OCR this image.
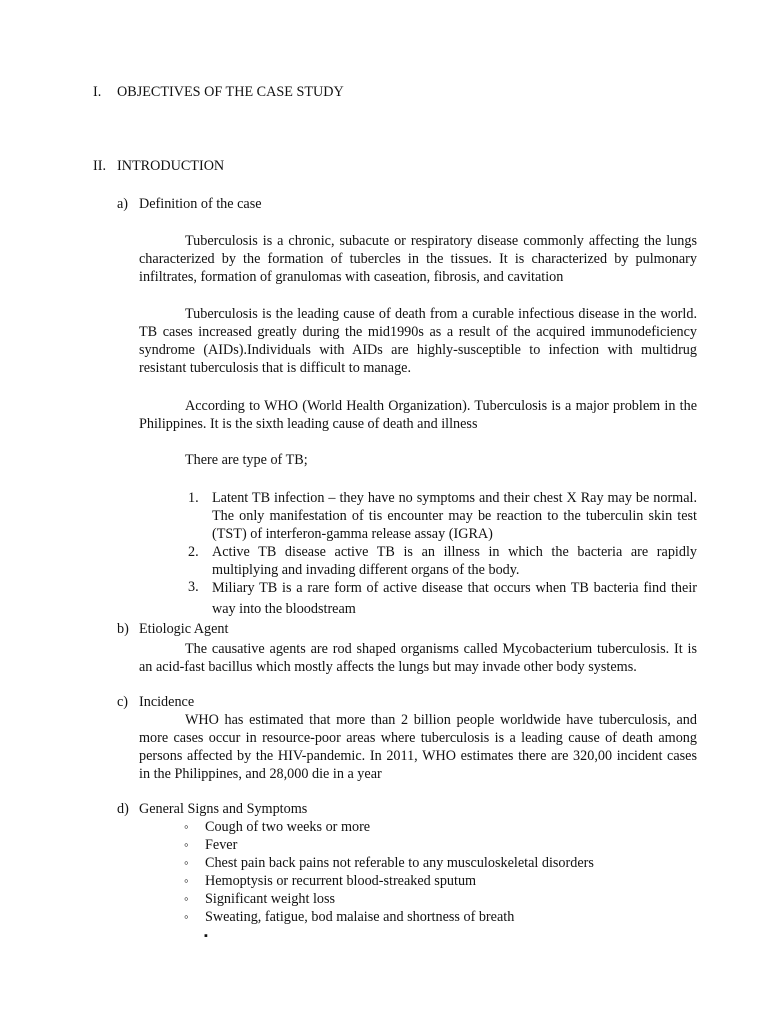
I. OBJECTIVES OF THE CASE STUDY
II. INTRODUCTION
a) Definition of the case
Tuberculosis is a chronic, subacute or respiratory disease commonly affecting the lungs characterized by the formation of tubercles in the tissues. It is characterized by pulmonary infiltrates, formation of granulomas with caseation, fibrosis, and cavitation
Tuberculosis is the leading cause of death from a curable infectious disease in the world. TB cases increased greatly during the mid1990s as a result of the acquired immunodeficiency syndrome (AIDs).Individuals with AIDs are highly-susceptible to infection with multidrug resistant tuberculosis that is difficult to manage.
According to WHO (World Health Organization). Tuberculosis is a major problem in the Philippines. It is the sixth leading cause of death and illness
There are type of TB;
1. Latent TB infection – they have no symptoms and their chest X Ray may be normal. The only manifestation of tis encounter may be reaction to the tuberculin skin test (TST) of interferon-gamma release assay (IGRA)
2. Active TB disease active TB is an illness in which the bacteria are rapidly multiplying and invading different organs of the body.
3. Miliary TB is a rare form of active disease that occurs when TB bacteria find their way into the bloodstream
b) Etiologic Agent
The causative agents are rod shaped organisms called Mycobacterium tuberculosis. It is an acid-fast bacillus which mostly affects the lungs but may invade other body systems.
c) Incidence
WHO has estimated that more than 2 billion people worldwide have tuberculosis, and more cases occur in resource-poor areas where tuberculosis is a leading cause of death among persons affected by the HIV-pandemic. In 2011, WHO estimates there are 320,00 incident cases in the Philippines, and 28,000 die in a year
d) General Signs and Symptoms
◦ Cough of two weeks or more
◦ Fever
◦ Chest pain back pains not referable to any musculoskeletal disorders
◦ Hemoptysis or recurrent blood-streaked sputum
◦ Significant weight loss
◦ Sweating, fatigue, bod malaise and shortness of breath
▪
